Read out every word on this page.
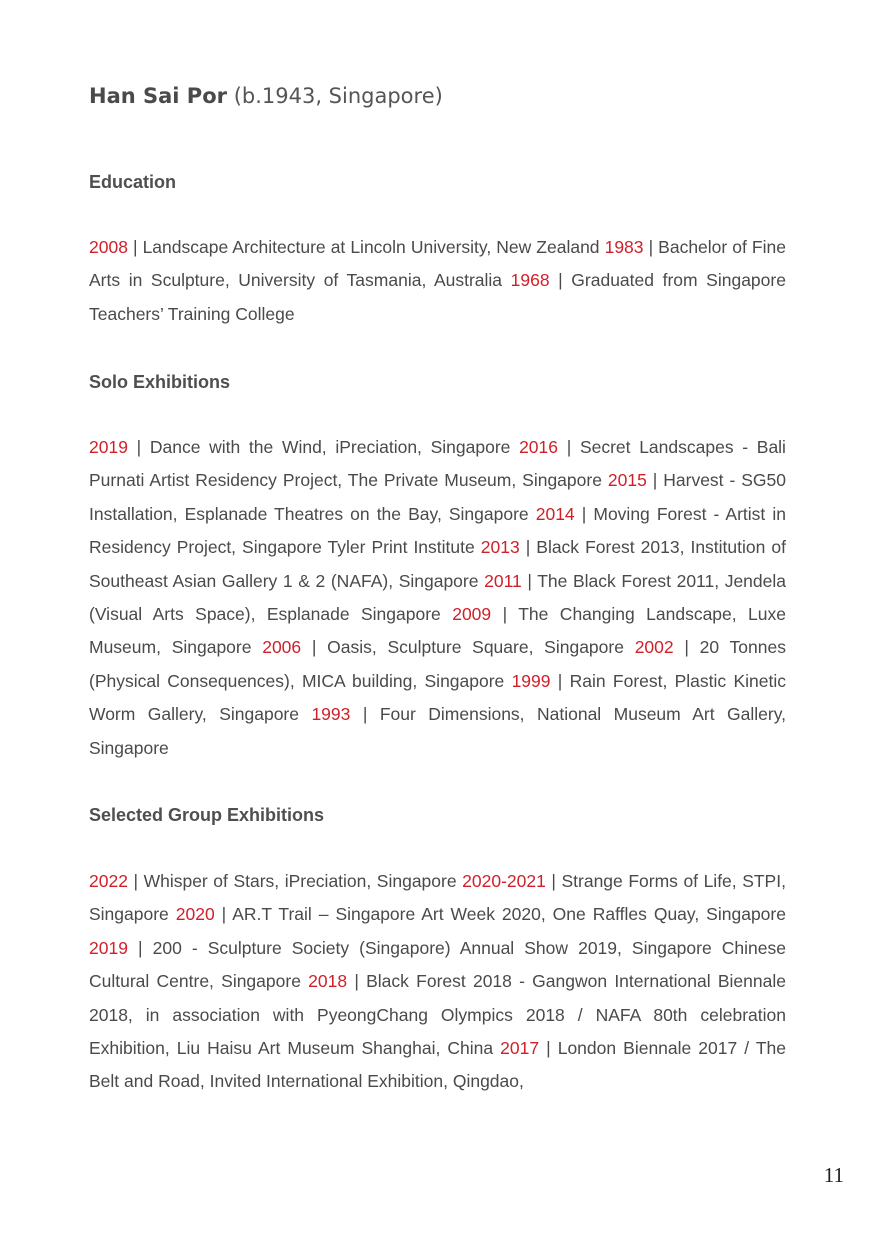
Han Sai Por (b.1943, Singapore)
Education

2008 | Landscape Architecture at Lincoln University, New Zealand 1983 | Bachelor of Fine Arts in Sculpture, University of Tasmania, Australia 1968 | Graduated from Singapore Teachers’ Training College

Solo Exhibitions

2019 | Dance with the Wind, iPreciation, Singapore 2016 | Secret Landscapes - Bali Purnati Artist Residency Project, The Private Museum, Singapore 2015 | Harvest - SG50 Installation, Esplanade Theatres on the Bay, Singapore 2014 | Moving Forest - Artist in Residency Project, Singapore Tyler Print Institute 2013 | Black Forest 2013, Institution of Southeast Asian Gallery 1 & 2 (NAFA), Singapore 2011 | The Black Forest 2011, Jendela (Visual Arts Space), Esplanade Singapore 2009 | The Changing Landscape, Luxe Museum, Singapore 2006 | Oasis, Sculpture Square, Singapore 2002 | 20 Tonnes (Physical Consequences), MICA building, Singapore 1999 | Rain Forest, Plastic Kinetic Worm Gallery, Singapore 1993 | Four Dimensions, National Museum Art Gallery, Singapore

Selected Group Exhibitions

2022 | Whisper of Stars, iPreciation, Singapore 2020-2021 | Strange Forms of Life, STPI, Singapore 2020 | AR.T Trail – Singapore Art Week 2020, One Raffles Quay, Singapore 2019 | 200 - Sculpture Society (Singapore) Annual Show 2019, Singapore Chinese Cultural Centre, Singapore 2018 | Black Forest 2018 - Gangwon International Biennale 2018, in association with PyeongChang Olympics 2018 / NAFA 80th celebration Exhibition, Liu Haisu Art Museum Shanghai, China 2017 | London Biennale 2017 / The Belt and Road, Invited International Exhibition, Qingdao,

11
